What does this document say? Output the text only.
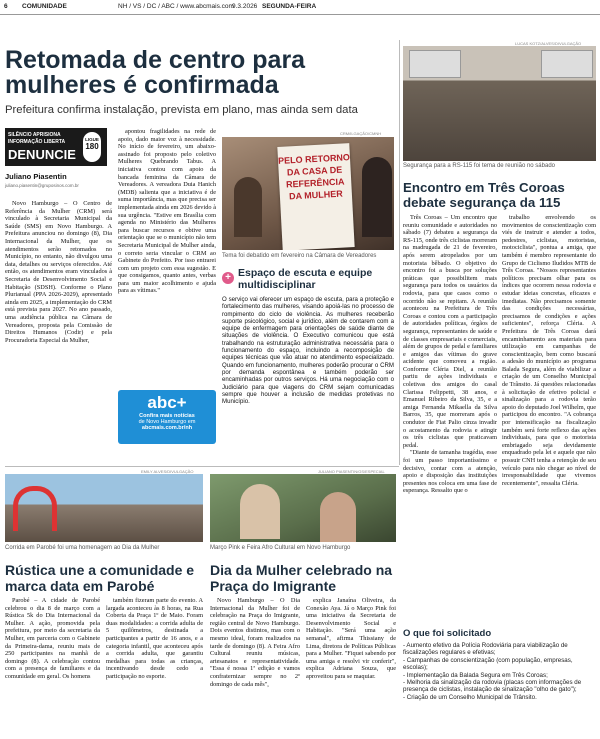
6 COMUNIDADE	NH / VS / DC / ABC / www.abcmais.com
9.3.2026 SEGUNDA-FEIRA
Retomada de centro para mulheres é confirmada
Prefeitura confirma instalação, prevista em plano, mas ainda sem data
SILÊNCIO APRISIONA
INFORMAÇÃO LIBERTA
DENUNCIE
LIGUE
180
Juliano Piasentin
juliano.piasentin@gruposinos.com.br

Novo Hamburgo – O Centro de Referência da Mulher (CRM) será vinculado à Secretaria Municipal da Saúde (SMS) em Novo Hamburgo. A Prefeitura anunciou no domingo (8), Dia Internacional da Mulher, que os atendimentos serão retomados no Município, no entanto, não divulgou uma data, detalhes ou serviços oferecidos. Até então, os atendimentos eram vinculados à Secretaria de Desenvolvimento Social e Habitação (SDSH). Conforme o Plano Plurianual (PPA 2026-2029), apresentado ainda em 2025, a implementação do CRM está prevista para 2027. No ano passado, uma audiência pública na Câmara de Vereadores, proposta pela Comissão de Direitos Humanos (Codir) e pela Procuradoria Especial da Mulher,

apontou fragilidades na rede de apoio, dado maior voz à necessidade. No início de fevereiro, um abaixo-assinado foi proposto pelo coletivo Mulheres Quebrando Tabus. A iniciativa contou com apoio da bancada feminina da Câmara de Vereadores. A vereadora Duia Hanich (MDB) salienta que a iniciativa é de suma importância, mas que precisa ser implementada ainda em 2026 devido à sua urgência. "Estive em Brasília com agenda no Ministério das Mulheres para buscar recursos e obtive uma orientação que se o município não tem Secretaria Municipal de Mulher ainda, o correto seria vincular o CRM ao Gabinete do Prefeito. Por isso entrarei com um projeto com essa sugestão. E que consigamos, quanto antes, verbas para um maior acolhimento e ajuda para as vítimas."

abc+
Confira mais notícias
de Novo Hamburgo em
abcmais.com.br/nh
CRM/ILGAÇÃO/CMNH
PELO RETORNO DA CASA DE REFERÊNCIA DA MULHER
Tema foi debatido em fevereiro na Câmara de Vereadores
+ Espaço de escuta e equipe multidisciplinar
O serviço vai oferecer um espaço de escuta, para a proteção e fortalecimento das mulheres, visando apoiá-las no processo de rompimento do ciclo de violência. As mulheres receberão suporte psicológico, social e jurídico, além de contarem com a equipe de enfermagem para orientações de saúde diante de situações de violência. O Executivo comunicou que está trabalhando na estruturação administrativa necessária para o funcionamento do espaço, incluindo a recomposição de equipes técnicas que vão atuar no atendimento especializado. Quando em funcionamento, mulheres poderão procurar o CRM por demanda espontânea e também poderão ser encaminhadas por outros serviços. Há uma negociação com o Judiciário para que viagens do CRM sejam comunicadas sempre que houver a inclusão de medidas protetivas no Município.
LUCAS KOTZ/ALVES/DIVULGAÇÃO
Segurança para a RS-115 foi tema de reunião no sábado
Encontro em Três Coroas debate segurança da 115

Três Coroas – Um encontro que reuniu comunidade e autoridades no sábado (7) debateu a segurança da RS-115, onde três ciclistas morreram na madrugada de 21 de fevereiro, após serem atropelados por um motorista bêbado. O objetivo do encontro foi a busca por soluções práticas que possibilitem mais segurança para todos os usuários da rodovia, para que casos como o ocorrido não se repitam. A reunião aconteceu na Prefeitura de Três Coroas e contou com a participação de autoridades políticas, órgãos de segurança, representantes de saúde e de classes empresariais e comerciais, além de grupos de pedal e familiares e amigos das vítimas do grave acidente que comoveu a região. Conforme Cléria Diel, a reunião partiu de ações individuais e coletivas dos amigos do casal Clarissa Felippetti, 38 anos, e Emanuel Ribeiro da Silva, 35, e a amiga Fernanda Mikaella da Silva Barros, 35, que morreram após o condutor de Fiat Palio cinza invadir o acostamento da rodovia e atingir os três ciclistas que praticavam pedal.

"Diante de tamanha tragédia, esse foi um passo importantíssimo e decisivo, contar com a atenção, apoio e disposição das instituições presentes nos coloca em uma fase de esperança. Ressalto que o

trabalho envolvendo os movimentos de conscientização com viés de instruir e atender a todos, pedestres, ciclistas, motoristas, motociclista", pontua a amiga, que também é membro representante do Grupo de Ciclismo Iludidos MTB de Três Coroas. "Nossos representantes políticos precisam olhar para os índices que ocorrem nessa rodovia e estudar ideias concretas, eficazes e imediatas. Não precisamos somente das condições necessárias, precisamos de condições e ações suficientes", reforça Cléria. A Prefeitura de Três Coroas dará encaminhamento aos materiais para utilização em campanhas de conscientização, bem como buscará a adesão do município ao programa Balada Segura, além de viabilizar a criação de um Conselho Municipal de Trânsito. Já questões relacionadas à solicitação de efetivo policial e sinalização para a rodovia terão apoio do deputado Joel Wilhelm, que participou do encontro. "A cobrança por intensificação na fiscalização também será forte reflexo das ações individuais, para que o motorista embriagado seja devidamente enquadrado pela lei e aquele que não possuir CNH tenha a retenção de seu veículo para não chegar ao nível de irresponsabilidade que vivemos recentemente", ressalta Cléria.

O que foi solicitado
- Aumento efetivo da Polícia Rodoviária para viabilização de fiscalizações regulares e efetivas;
- Campanhas de conscientização (com população, empresas, escolas);
- Implementação da Balada Segura em Três Coroas;
- Melhoria da sinalização da rodovia (placas com informações de presença de ciclistas, instalação de sinalização "olho de gato");
- Criação de um Conselho Municipal de Trânsito.
EMILY ALVES/DIVULGAÇÃO
Corrida em Parobé foi uma homenagem ao Dia da Mulher
Rústica une a comunidade e marca data em Parobé

Parobé – A cidade de Parobé celebrou o dia 8 de março com a Rústica 5k do Dia Internacional da Mulher. A ação, promovida pela prefeitura, por meio da secretaria da Mulher, em parceria com o Gabinete da Primeira-dama, reuniu mais de 250 participantes na manhã de domingo (8). A celebração contou com a presença de familiares e da comunidade em geral. Os homens

também fizeram parte do evento. A largada aconteceu às 8 horas, na Rua Coberta da Praça 1º de Maio. Foram duas modalidades: a corrida adulta de 5 quilômetros, destinada a participantes a partir de 16 anos, e a categoria infantil, que aconteceu após a corrida adulta, que garantiu medalhas para todas as crianças, incentivando desde cedo a participação no esporte.

JULIANO PIASENTIN/GS/ESPECIAL
Março Pink e Feira Afro Cultural em Novo Hamburgo
Dia da Mulher celebrado na Praça do Imigrante

Novo Hamburgo – O Dia Internacional da Mulher foi de celebração na Praça do Imigrante, região central de Novo Hamburgo. Dois eventos distintos, mas com o mesmo ideal, foram realizados na tarde de domingo (8). A Feira Afro Cultural reuniu músicas, artesanatos e representatividade. "Essa é nossa 1ª edição e vamos confraternizar sempre no 2º domingo de cada mês",

explica Janaína Oliveira, da Conexão Aya. Já o Março Pink foi uma iniciativa da Secretaria de Desenvolvimento Social e Habitação. "Será uma ação semanal", afirma Thissiany de Lima, diretora de Políticas Públicas para a Mulher. "Fiquei sabendo por uma amiga e resolvi vir conferir", explica Adriana Souza, que aproveitou para se maquiar.
